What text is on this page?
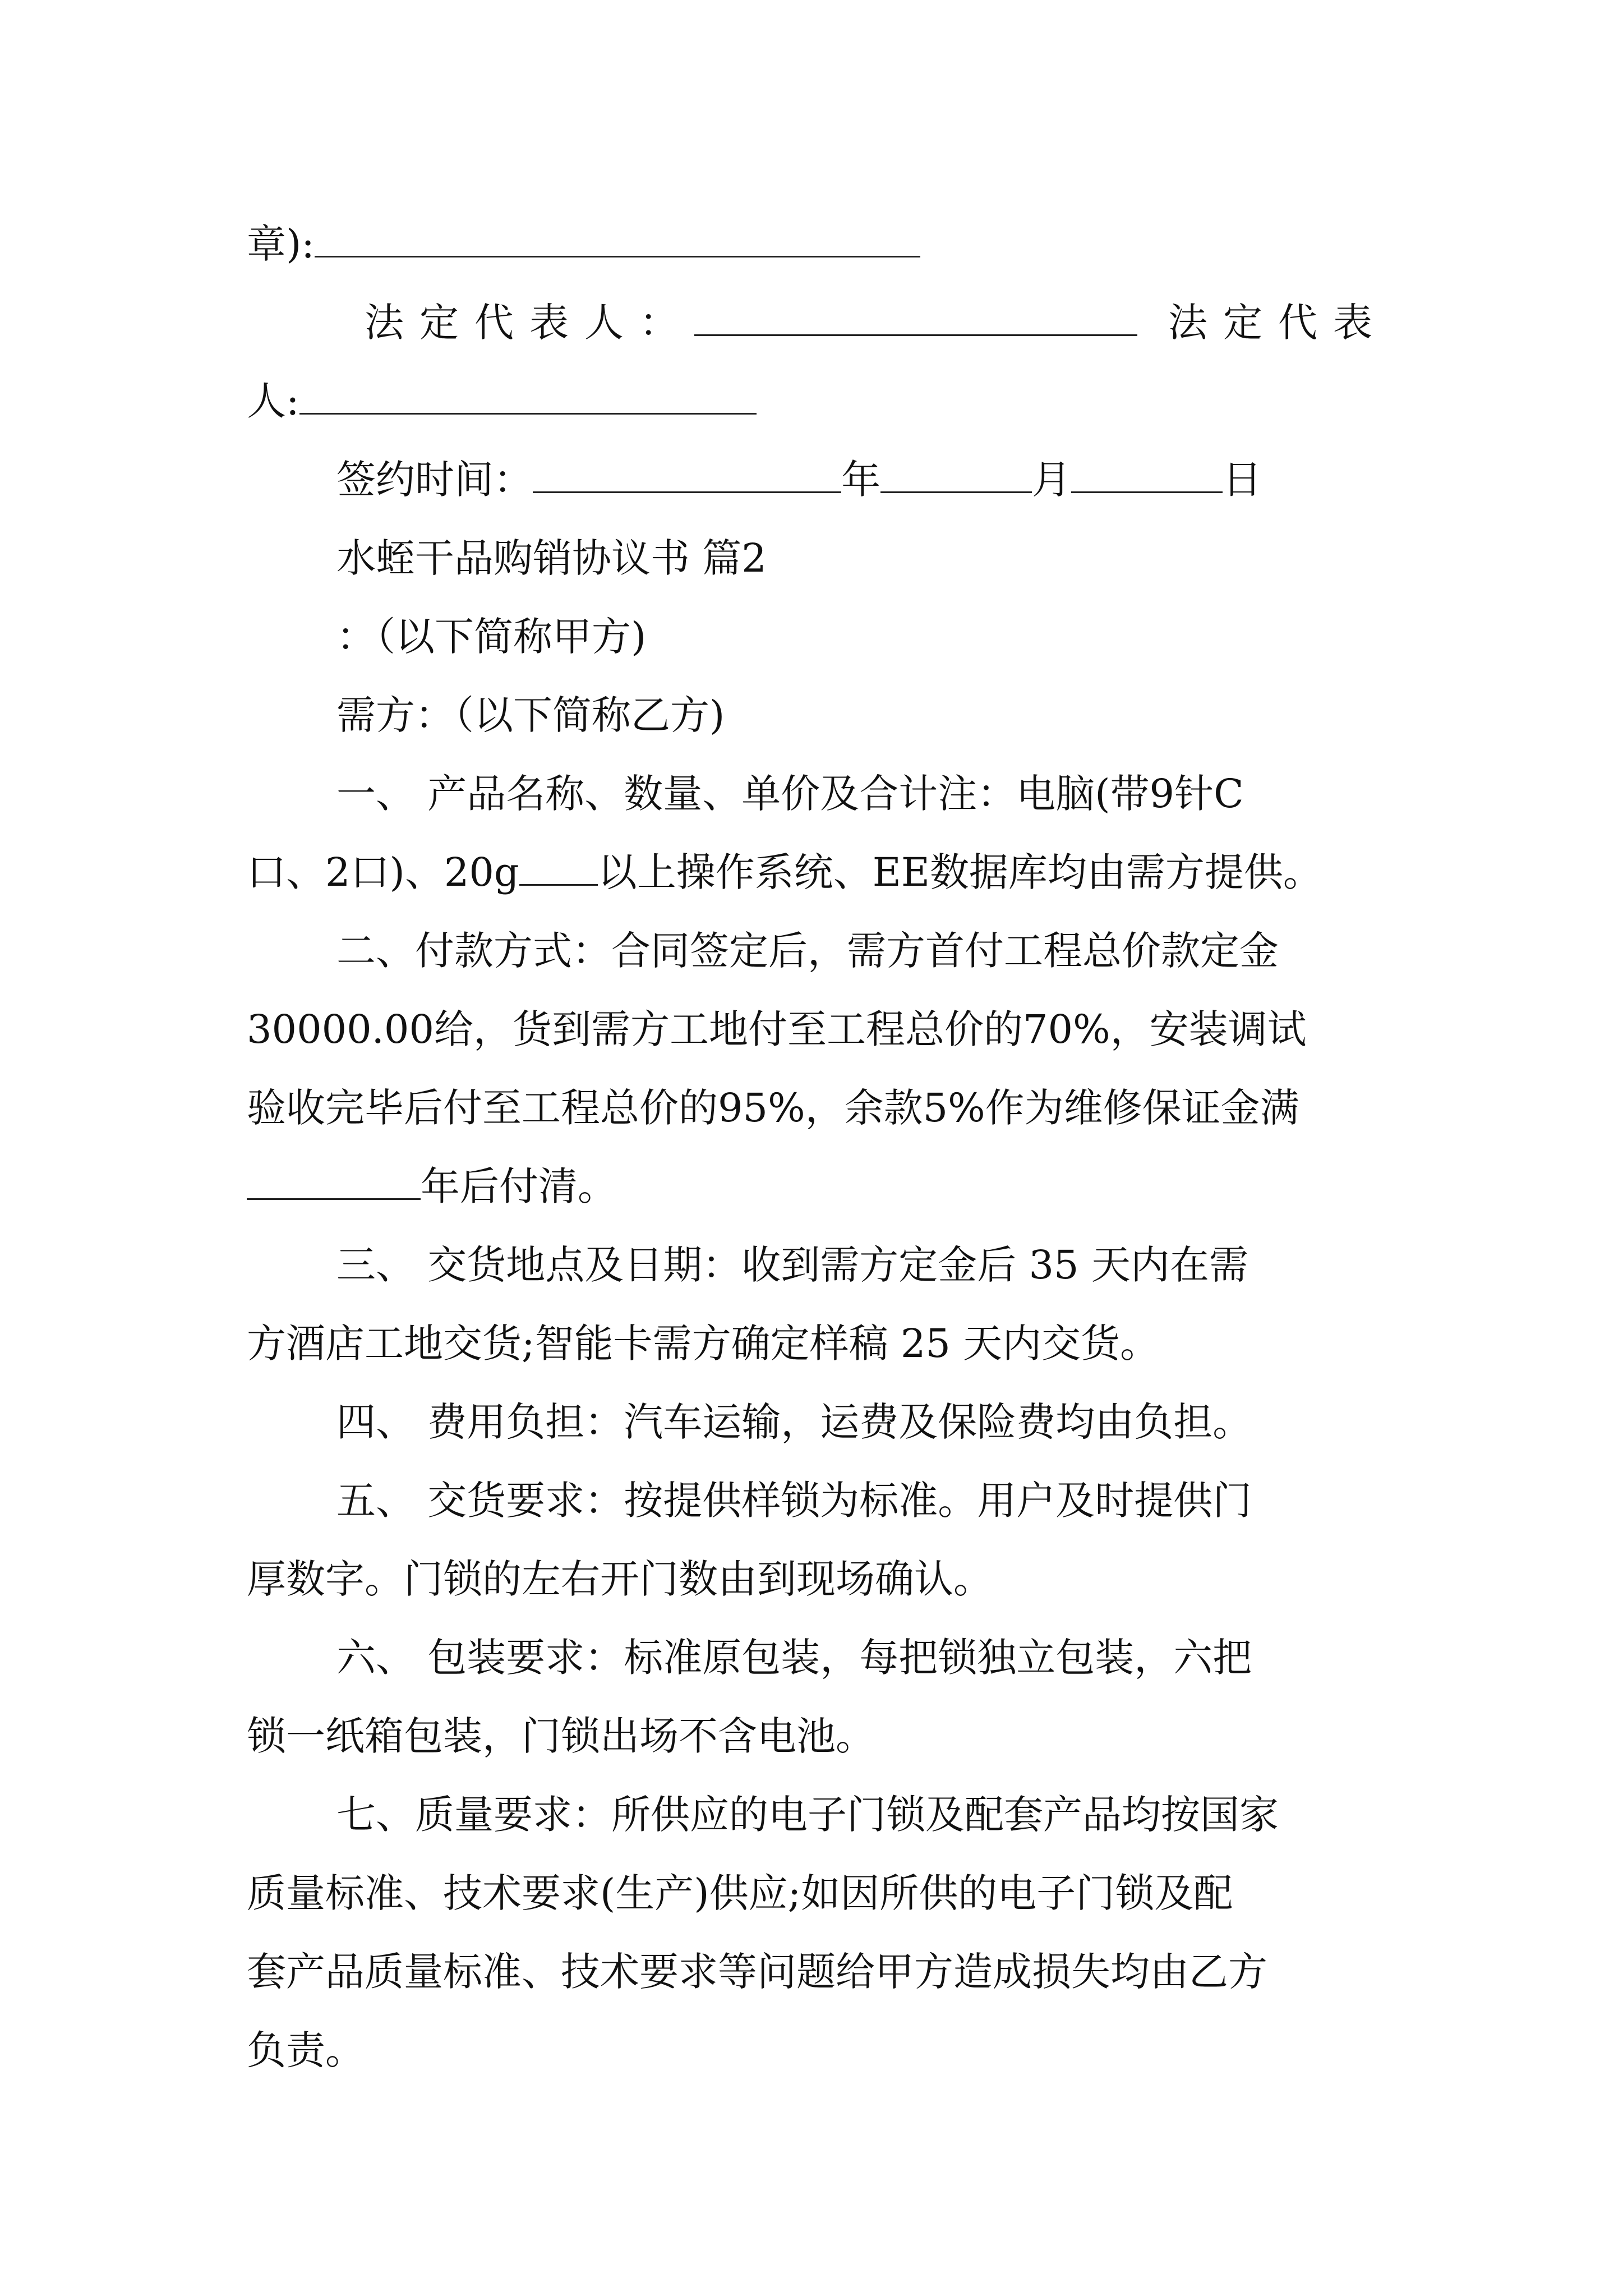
章):
法定代表人：	法定代表
人:
签约时间：	年	月	日
水蛭干品购销协议书 篇2
：（以下简称甲方)
需方：（以下简称乙方)
一、 产品名称、数量、单价及合计注：电脑(带9针C
口、2口)、20g 以上操作系统、EE数据库均由需方提供。
二、付款方式：合同签定后，需方首付工程总价款定金
30000.00给，货到需方工地付至工程总价的70%，安装调试
验收完毕后付至工程总价的95%，余款5%作为维修保证金满
年后付清。
三、 交货地点及日期：收到需方定金后 35 天内在需
方酒店工地交货;智能卡需方确定样稿 25 天内交货。
四、 费用负担：汽车运输，运费及保险费均由负担。
五、 交货要求：按提供样锁为标准。用户及时提供门
厚数字。门锁的左右开门数由到现场确认。
六、 包装要求：标准原包装，每把锁独立包装，六把
锁一纸箱包装，门锁出场不含电池。
七、质量要求：所供应的电子门锁及配套产品均按国家
质量标准、技术要求(生产)供应;如因所供的电子门锁及配
套产品质量标准、技术要求等问题给甲方造成损失均由乙方
负责。
